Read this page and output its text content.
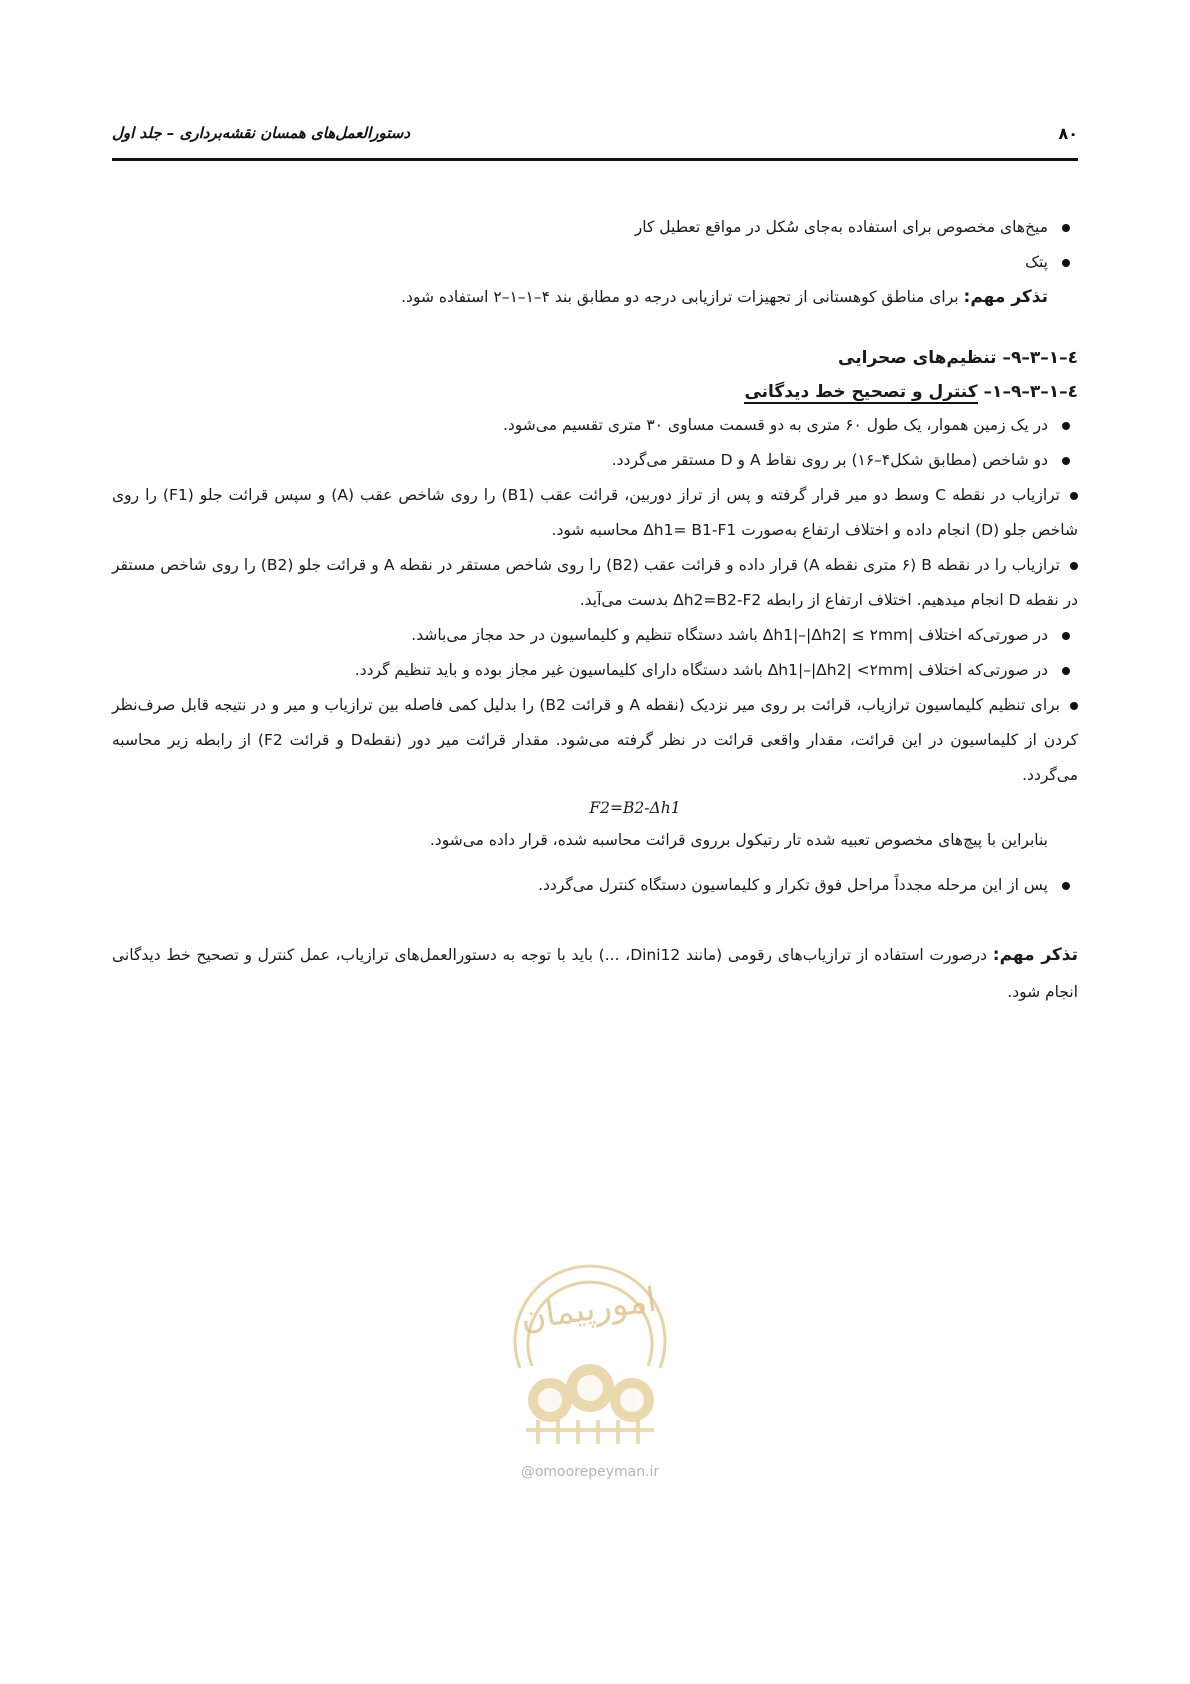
دستورالعمل‌های همسان نقشه‌برداری – جلد اول	۸۰
میخ‌های مخصوص برای استفاده به‌جای سُکل در مواقع تعطیل کار
پتک
تذکر مهم: برای مناطق کوهستانی از تجهیزات ترازیابی درجه دو مطابق بند ۴–۱–۱–۲ استفاده شود.
٤–١–٣–٩– تنظیم‌های صحرایی
٤–١–٣–٩–١– کنترل و تصحیح خط دیدگانی
در یک زمین هموار، یک طول ۶۰ متری به دو قسمت مساوی ۳۰ متری تقسیم می‌شود.
دو شاخص (مطابق شکل۴–۱۶) بر روی نقاط A و D مستقر می‌گردد.
ترازیاب در نقطه C وسط دو میر قرار گرفته و پس از تراز دوربین، قرائت عقب (B1) را روی شاخص عقب (A) و سپس قرائت جلو (F1) را روی شاخص جلو (D) انجام داده و اختلاف ارتفاع به‌صورت Δh1= B1-F1 محاسبه شود.
ترازیاب را در نقطه B (۶ متری نقطه A) قرار داده و قرائت عقب (B2) را روی شاخص مستقر در نقطه A و قرائت جلو (B2) را روی شاخص مستقر در نقطه D انجام میدهیم. اختلاف ارتفاع از رابطه Δh2=B2-F2 بدست می‌آید.
در صورتی‌که اختلاف |Δh1|–|Δh2| ≤ ۲mm باشد دستگاه تنظیم و کلیماسیون در حد مجاز می‌باشد.
در صورتی‌که اختلاف |Δh1|–|Δh2| <۲mm باشد دستگاه دارای کلیماسیون غیر مجاز بوده و باید تنظیم گردد.
برای تنظیم کلیماسیون ترازیاب، قرائت بر روی میر نزدیک (نقطه A و قرائت B2) را بدلیل کمی فاصله بین ترازیاب و میر و در نتیجه قابل صرف‌نظر کردن از کلیماسیون در این قرائت، مقدار واقعی قرائت در نظر گرفته می‌شود. مقدار قرائت میر دور (نقطهD و قرائت F2) از رابطه زیر محاسبه می‌گردد.
F2=B2-Δh1
بنابراین با پیچ‌های مخصوص تعبیه شده تار رتیکول برروی قرائت محاسبه شده، قرار داده می‌شود.
پس از این مرحله مجدداً مراحل فوق تکرار و کلیماسیون دستگاه کنترل می‌گردد.
تذکر مهم: درصورت استفاده از ترازیاب‌های رقومی (مانند Dini12، ...) باید با توجه به دستورالعمل‌های ترازیاب، عمل کنترل و تصحیح خط دیدگانی انجام شود.
امورپیمان
@omoorepeyman.ir
